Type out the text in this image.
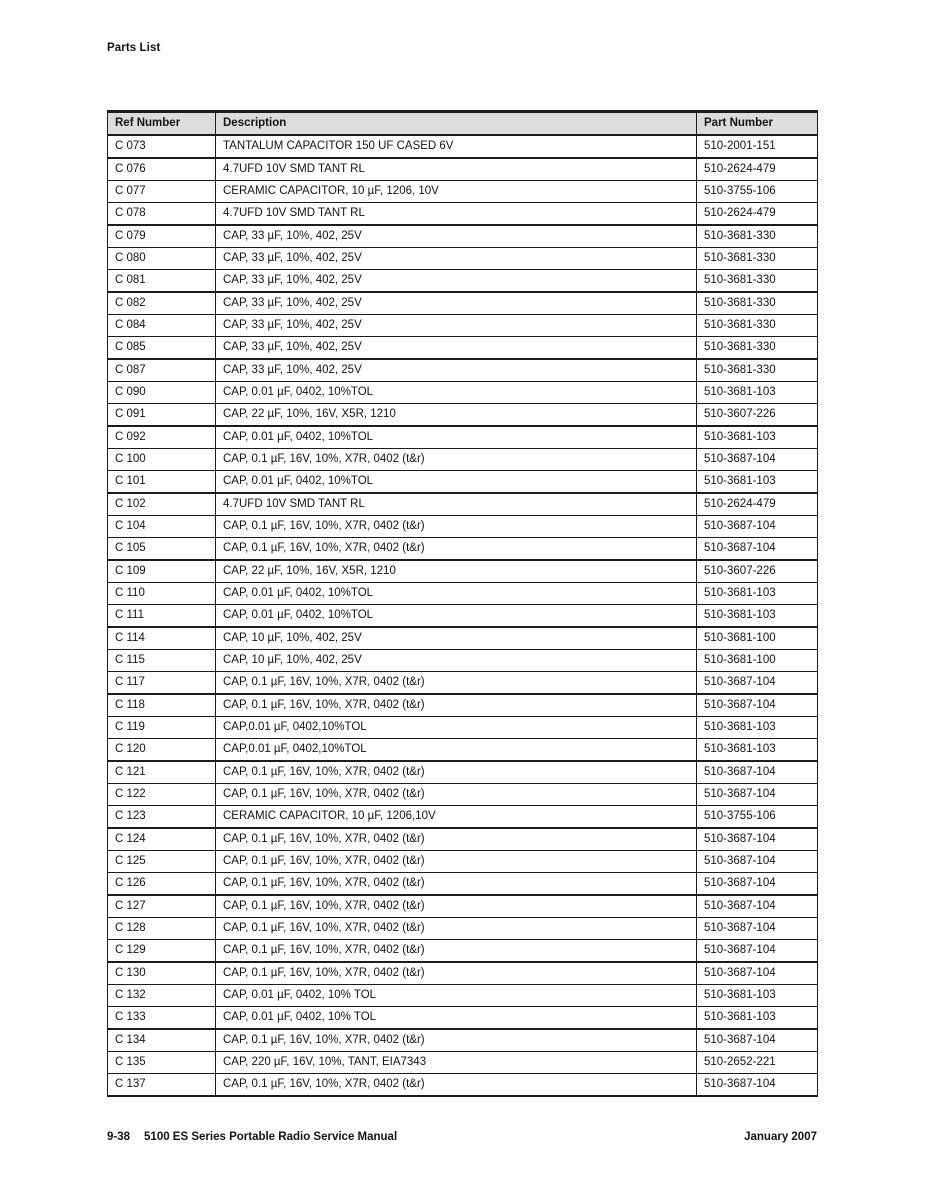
Parts List
Ref Number	Description	Part Number
C 073	TANTALUM CAPACITOR 150 UF CASED 6V	510-2001-151
C 076	4.7UFD 10V SMD TANT RL	510-2624-479
C 077	CERAMIC CAPACITOR, 10 µF, 1206, 10V	510-3755-106
C 078	4.7UFD 10V SMD TANT RL	510-2624-479
C 079	CAP, 33 µF, 10%, 402, 25V	510-3681-330
C 080	CAP, 33 µF, 10%, 402, 25V	510-3681-330
C 081	CAP, 33 µF, 10%, 402, 25V	510-3681-330
C 082	CAP, 33 µF, 10%, 402, 25V	510-3681-330
C 084	CAP, 33 µF, 10%, 402, 25V	510-3681-330
C 085	CAP, 33 µF, 10%, 402, 25V	510-3681-330
C 087	CAP, 33 µF, 10%, 402, 25V	510-3681-330
C 090	CAP, 0.01 µF, 0402, 10%TOL	510-3681-103
C 091	CAP, 22 µF, 10%, 16V, X5R, 1210	510-3607-226
C 092	CAP, 0.01 µF, 0402, 10%TOL	510-3681-103
C 100	CAP, 0.1 µF, 16V, 10%, X7R, 0402 (t&r)	510-3687-104
C 101	CAP, 0.01 µF, 0402, 10%TOL	510-3681-103
C 102	4.7UFD 10V SMD TANT RL	510-2624-479
C 104	CAP, 0.1 µF, 16V, 10%, X7R, 0402 (t&r)	510-3687-104
C 105	CAP, 0.1 µF, 16V, 10%, X7R, 0402 (t&r)	510-3687-104
C 109	CAP, 22 µF, 10%, 16V, X5R, 1210	510-3607-226
C 110	CAP, 0.01 µF, 0402, 10%TOL	510-3681-103
C 111	CAP, 0.01 µF, 0402, 10%TOL	510-3681-103
C 114	CAP, 10 µF, 10%, 402, 25V	510-3681-100
C 115	CAP, 10 µF, 10%, 402, 25V	510-3681-100
C 117	CAP, 0.1 µF, 16V, 10%, X7R, 0402 (t&r)	510-3687-104
C 118	CAP, 0.1 µF, 16V, 10%, X7R, 0402 (t&r)	510-3687-104
C 119	CAP,0.01 µF, 0402,10%TOL	510-3681-103
C 120	CAP,0.01 µF, 0402,10%TOL	510-3681-103
C 121	CAP, 0.1 µF, 16V, 10%, X7R, 0402 (t&r)	510-3687-104
C 122	CAP, 0.1 µF, 16V, 10%, X7R, 0402 (t&r)	510-3687-104
C 123	CERAMIC CAPACITOR, 10 µF, 1206,10V	510-3755-106
C 124	CAP, 0.1 µF, 16V, 10%, X7R, 0402 (t&r)	510-3687-104
C 125	CAP, 0.1 µF, 16V, 10%, X7R, 0402 (t&r)	510-3687-104
C 126	CAP, 0.1 µF, 16V, 10%, X7R, 0402 (t&r)	510-3687-104
C 127	CAP, 0.1 µF, 16V, 10%, X7R, 0402 (t&r)	510-3687-104
C 128	CAP, 0.1 µF, 16V, 10%, X7R, 0402 (t&r)	510-3687-104
C 129	CAP, 0.1 µF, 16V, 10%, X7R, 0402 (t&r)	510-3687-104
C 130	CAP, 0.1 µF, 16V, 10%, X7R, 0402 (t&r)	510-3687-104
C 132	CAP, 0.01 µF, 0402, 10% TOL	510-3681-103
C 133	CAP, 0.01 µF, 0402, 10% TOL	510-3681-103
C 134	CAP, 0.1 µF, 16V, 10%, X7R, 0402 (t&r)	510-3687-104
C 135	CAP, 220 µF, 16V, 10%, TANT, EIA7343	510-2652-221
C 137	CAP, 0.1 µF, 16V, 10%, X7R, 0402 (t&r)	510-3687-104
9-38 5100 ES Series Portable Radio Service Manual	January 2007
